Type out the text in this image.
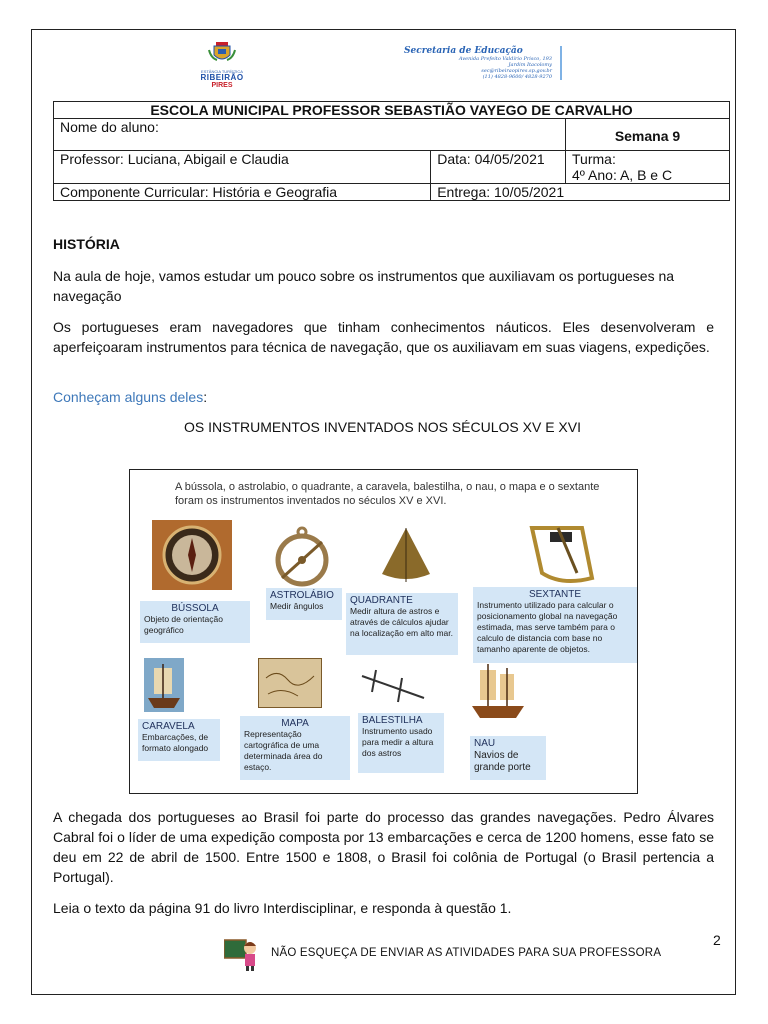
ESTÂNCIA TURÍSTICA
RIBEIRÃO
PIRES
Secretaria de Educação
Avenida Prefeito Valdírio Prisco, 193
Jardim Itacolomy
sec@ribeiraopires.sp.gov.br
(11) 4828-9600/ 4828-9270
ESCOLA MUNICIPAL PROFESSOR SEBASTIÃO VAYEGO DE CARVALHO		
Nome do aluno:		Semana 9
Professor: Luciana, Abigail e Claudia	Data: 04/05/2021	Turma:
4º Ano: A, B e C

Componente Curricular: História e Geografia	Entrega: 10/05/2021	
HISTÓRIA
Na aula de hoje, vamos estudar um pouco sobre os instrumentos que auxiliavam os portugueses na navegação
Os portugueses eram navegadores que tinham conhecimentos náuticos. Eles desenvolveram e aperfeiçoaram instrumentos para técnica de navegação, que os auxiliavam em suas viagens, expedições.
Conheçam alguns deles:
OS INSTRUMENTOS INVENTADOS NOS SÉCULOS XV E XVI
A bússola, o astrolabio, o quadrante, a caravela, balestilha, o nau, o mapa e o sextante foram os instrumentos inventados no séculos XV e XVI.
BÚSSOLA
Objeto de orientação geográfico
ASTROLÁBIO
Medir ângulos	QUADRANTE
Medir altura de astros e através de cálculos ajudar na localização em alto mar.
SEXTANTE
Instrumento utilizado para calcular o posicionamento global na navegação estimada, mas serve também para o calculo de distancia com base no tamanho aparente de objetos.
CARAVELA
Embarcações, de formato alongado
MAPA
Representação cartográfica de uma determinada área do estaço.
BALESTILHA
Instrumento usado para medir a altura dos astros
NAU
Navios de grande porte
A chegada dos portugueses ao Brasil foi parte do processo das grandes navegações. Pedro Álvares Cabral foi o líder de uma expedição composta por 13 embarcações e cerca de 1200 homens, esse fato se deu em 22 de abril de 1500. Entre 1500 e 1808, o Brasil foi colônia de Portugal (o Brasil pertencia a Portugal).
Leia o texto da página 91 do livro Interdisciplinar, e responda à questão 1.
2
NÃO ESQUEÇA DE ENVIAR AS ATIVIDADES PARA SUA PROFESSORA
